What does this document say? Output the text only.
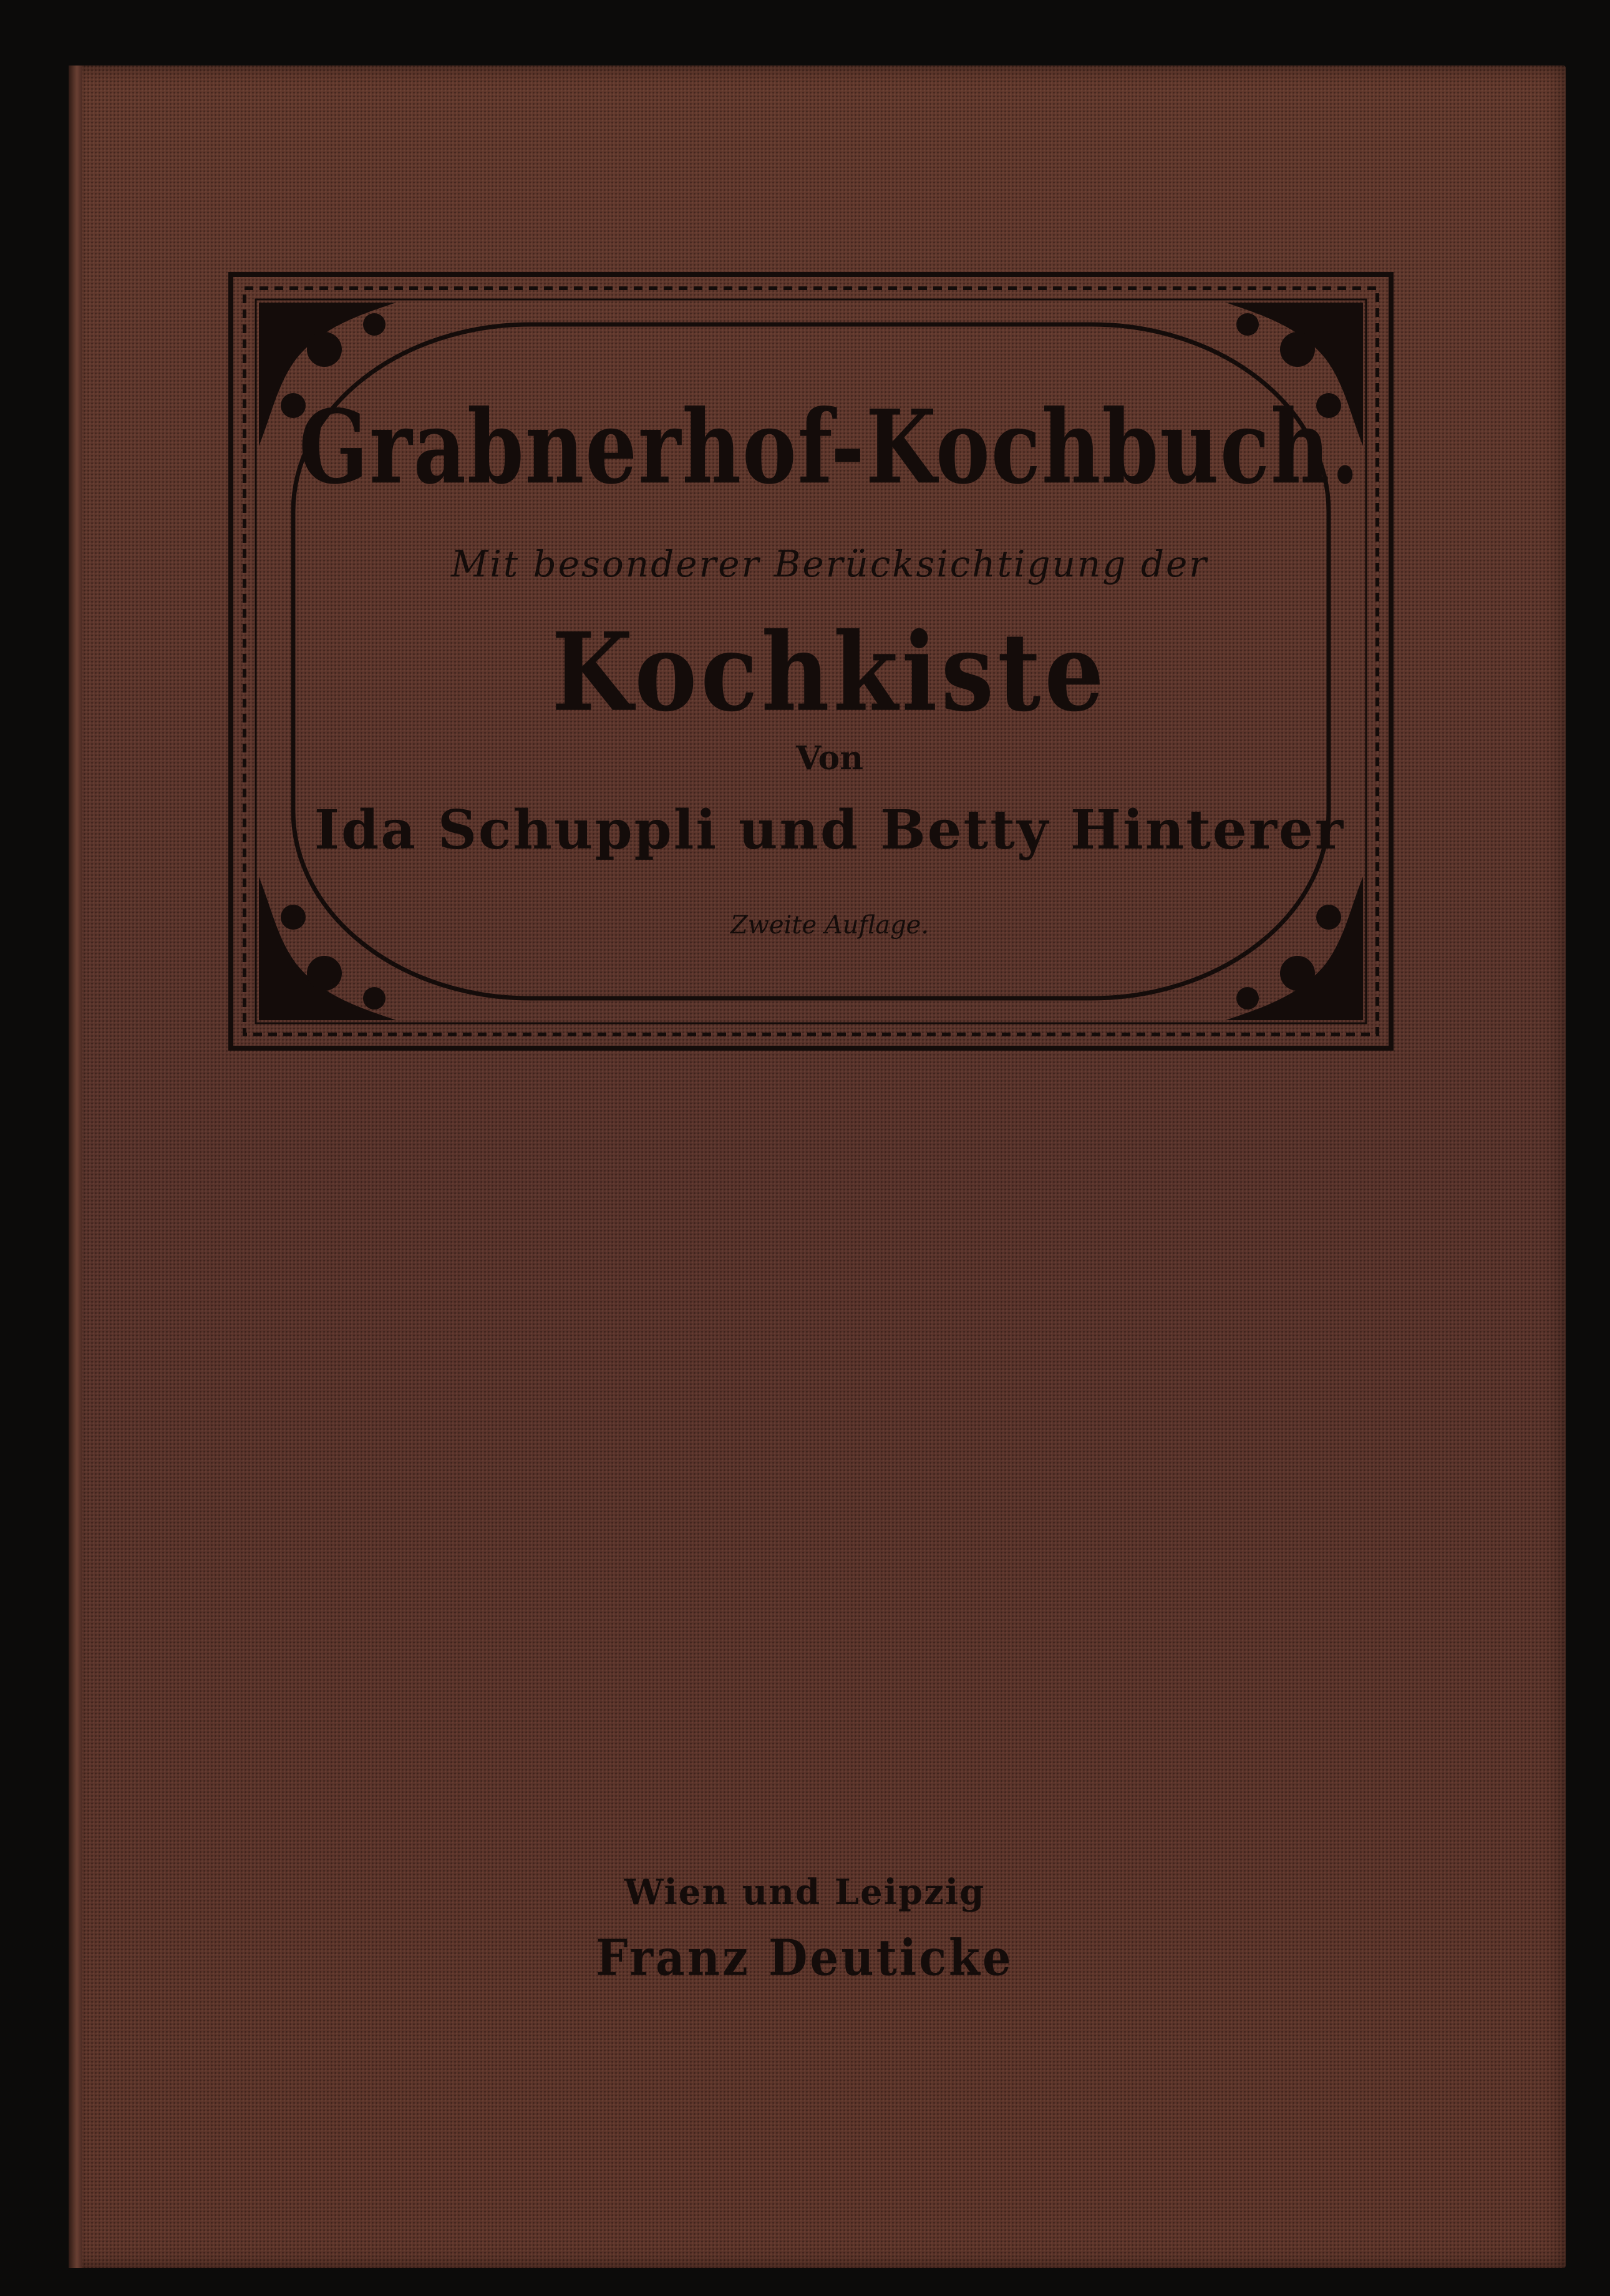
Grabnerhof-Kochbuch.
Mit besonderer Berücksichtigung der
Kochkiste
Von
Ida Schuppli und Betty Hinterer
Zweite Auflage.
Wien und Leipzig
Franz Deuticke
